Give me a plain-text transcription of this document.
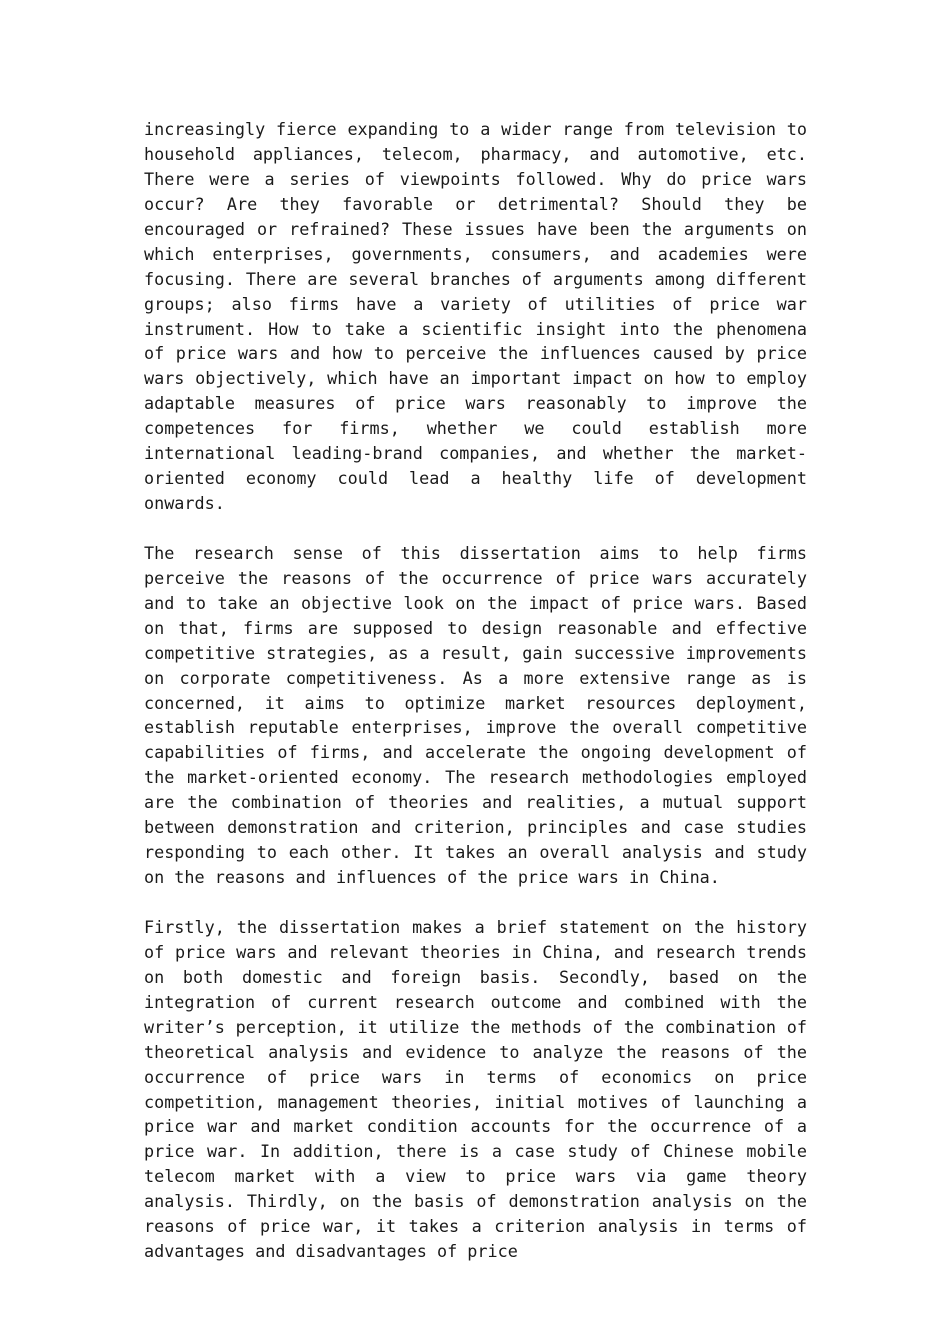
increasingly fierce expanding to a wider range from television to household appliances, telecom, pharmacy, and automotive, etc. There were a series of viewpoints followed. Why do price wars occur? Are they favorable or detrimental? Should they be encouraged or refrained? These issues have been the arguments on which enterprises, governments, consumers, and academies were focusing. There are several branches of arguments among different groups; also firms have a variety of utilities of price war instrument. How to take a scientific insight into the phenomena of price wars and how to perceive the influences caused by price wars objectively, which have an important impact on how to employ adaptable measures of price wars reasonably to improve the competences for firms, whether we could establish more international leading-brand companies, and whether the market-oriented economy could lead a healthy life of development onwards.

The research sense of this dissertation aims to help firms perceive the reasons of the occurrence of price wars accurately and to take an objective look on the impact of price wars. Based on that, firms are supposed to design reasonable and effective competitive strategies, as a result, gain successive improvements on corporate competitiveness. As a more extensive range as is concerned, it aims to optimize market resources deployment, establish reputable enterprises, improve the overall competitive capabilities of firms, and accelerate the ongoing development of the market-oriented economy. The research methodologies employed are the combination of theories and realities, a mutual support between demonstration and criterion, principles and case studies responding to each other. It takes an overall analysis and study on the reasons and influences of the price wars in China.

Firstly, the dissertation makes a brief statement on the history of price wars and relevant theories in China, and research trends on both domestic and foreign basis. Secondly, based on the integration of current research outcome and combined with the writer’s perception, it utilize the methods of the combination of theoretical analysis and evidence to analyze the reasons of the occurrence of price wars in terms of economics on price competition, management theories, initial motives of launching a price war and market condition accounts for the occurrence of a price war. In addition, there is a case study of Chinese mobile telecom market with a view to price wars via game theory analysis. Thirdly, on the basis of demonstration analysis on the reasons of price war, it takes a criterion analysis in terms of advantages and disadvantages of price
